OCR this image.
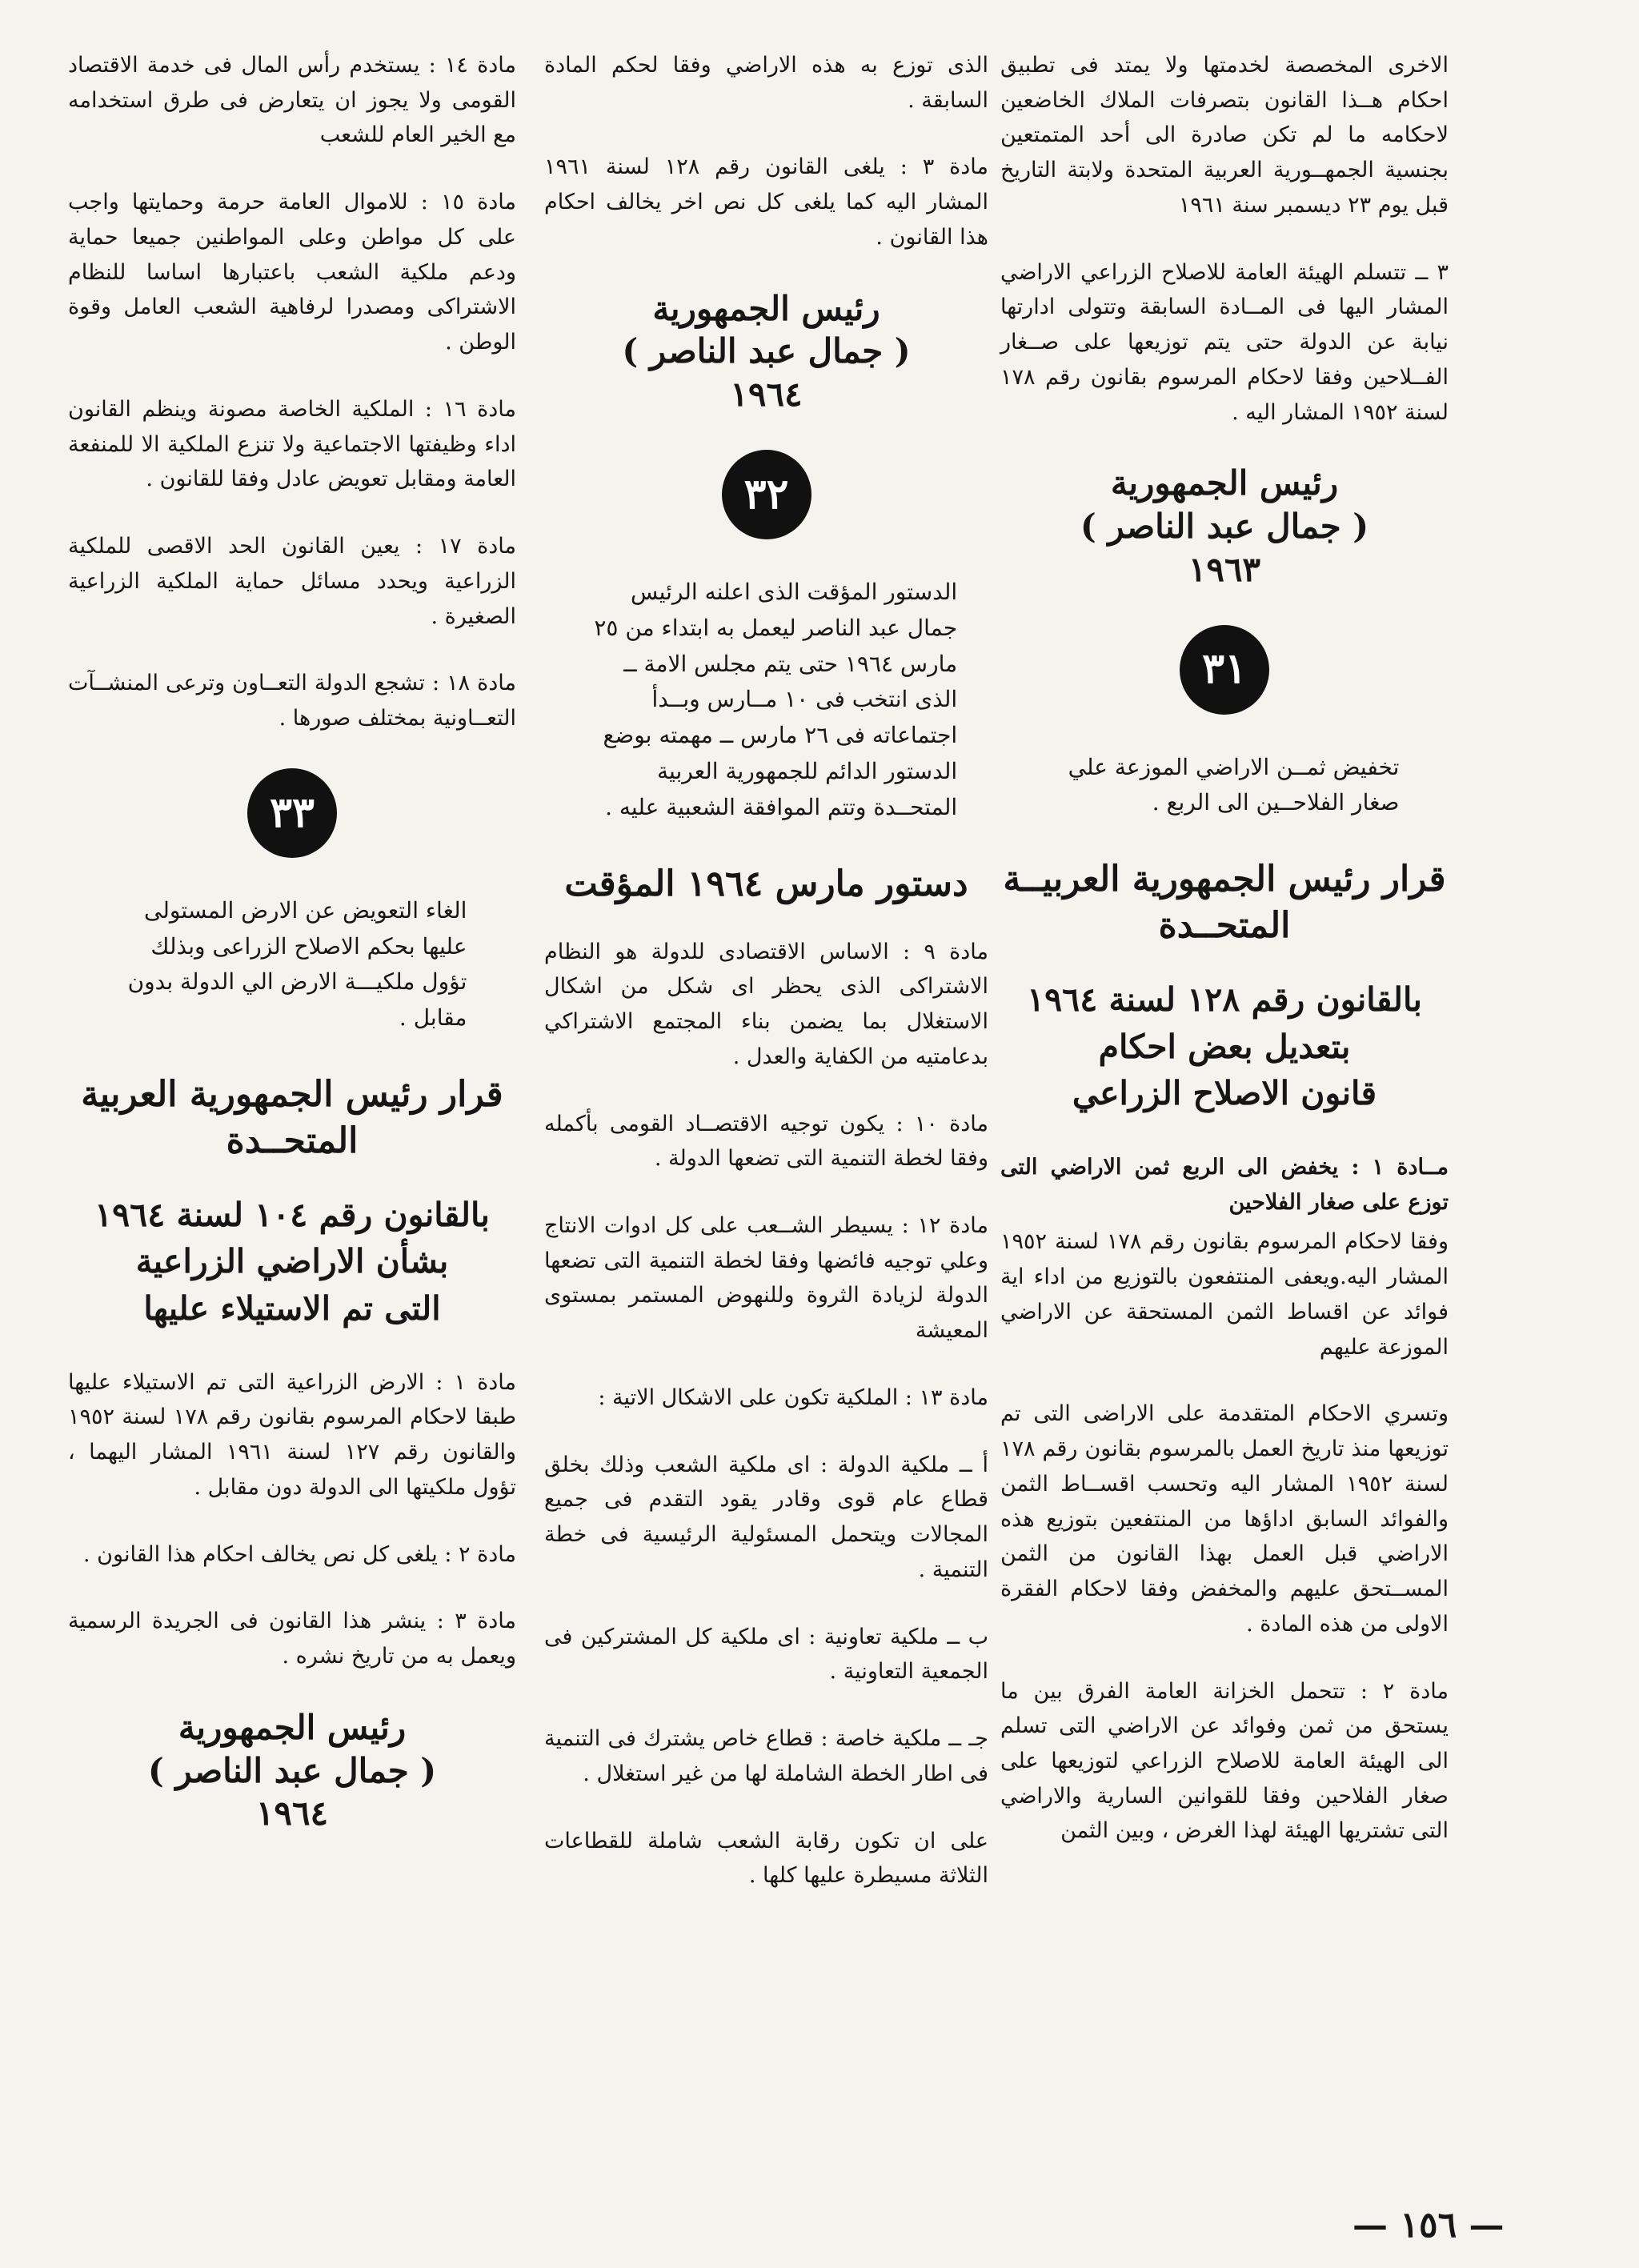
الاخرى المخصصة لخدمتها ولا يمتد فى تطبيق احكام هــذا القانون بتصرفات الملاك الخاضعين لاحكامه ما لم تكن صادرة الى أحد المتمتعين بجنسية الجمهــورية العربية المتحدة ولابتة التاريخ قبل يوم ٢٣ ديسمبر سنة ١٩٦١

٣ ــ تتسلم الهيئة العامة للاصلاح الزراعي الاراضي المشار اليها فى المــادة السابقة وتتولى ادارتها نيابة عن الدولة حتى يتم توزيعها على صــغار الفــلاحين وفقا لاحكام المرسوم بقانون رقم ١٧٨ لسنة ١٩٥٢ المشار اليه .

رئيس الجمهورية
( جمال عبد الناصر )
١٩٦٣
٣١

تخفيض ثمــن الاراضي الموزعة علي صغار الفلاحــين الى الربع .

قرار رئيس الجمهورية العربيــة المتحــدة
بالقانون رقم ١٢٨ لسنة ١٩٦٤
بتعديل بعض احكام
قانون الاصلاح الزراعي

مــادة ١ : يخفض الى الربع ثمن الاراضي التى توزع على صغار الفلاحين

وفقا لاحكام المرسوم بقانون رقم ١٧٨ لسنة ١٩٥٢ المشار اليه.ويعفى المنتفعون بالتوزيع من اداء اية فوائد عن اقساط الثمن المستحقة عن الاراضي الموزعة عليهم

وتسري الاحكام المتقدمة على الاراضى التى تم توزيعها منذ تاريخ العمل بالمرسوم بقانون رقم ١٧٨ لسنة ١٩٥٢ المشار اليه وتحسب اقســاط الثمن والفوائد السابق اداؤها من المنتفعين بتوزيع هذه الاراضي قبل العمل بهذا القانون من الثمن المســتحق عليهم والمخفض وفقا لاحكام الفقرة الاولى من هذه المادة .

مادة ٢ : تتحمل الخزانة العامة الفرق بين ما يستحق من ثمن وفوائد عن الاراضي التى تسلم الى الهيئة العامة للاصلاح الزراعي لتوزيعها على صغار الفلاحين وفقا للقوانين السارية والاراضي التى تشتريها الهيئة لهذا الغرض ، وبين الثمن

الذى توزع به هذه الاراضي وفقا لحكم المادة السابقة .

مادة ٣ : يلغى القانون رقم ١٢٨ لسنة ١٩٦١ المشار اليه كما يلغى كل نص اخر يخالف احكام هذا القانون .

رئيس الجمهورية
( جمال عبد الناصر )
١٩٦٤
٣٢

الدستور المؤقت الذى اعلنه الرئيس جمال عبد الناصر ليعمل به ابتداء من ٢٥ مارس ١٩٦٤ حتى يتم مجلس الامة ــ الذى انتخب فى ١٠ مــارس وبــدأ اجتماعاته فى ٢٦ مارس ــ مهمته بوضع الدستور الدائم للجمهورية العربية المتحــدة وتتم الموافقة الشعبية عليه .

دستور مارس ١٩٦٤ المؤقت

مادة ٩ : الاساس الاقتصادى للدولة هو النظام الاشتراكى الذى يحظر اى شكل من اشكال الاستغلال بما يضمن بناء المجتمع الاشتراكي بدعامتيه من الكفاية والعدل .

مادة ١٠ : يكون توجيه الاقتصــاد القومى بأكمله وفقا لخطة التنمية التى تضعها الدولة .

مادة ١٢ : يسيطر الشــعب على كل ادوات الانتاج وعلي توجيه فائضها وفقا لخطة التنمية التى تضعها الدولة لزيادة الثروة وللنهوض المستمر بمستوى المعيشة

مادة ١٣ : الملكية تكون على الاشكال الاتية :

أ ــ ملكية الدولة : اى ملكية الشعب وذلك بخلق قطاع عام قوى وقادر يقود التقدم فى جميع المجالات ويتحمل المسئولية الرئيسية فى خطة التنمية .

ب ــ ملكية تعاونية : اى ملكية كل المشتركين فى الجمعية التعاونية .

جـ ــ ملكية خاصة : قطاع خاص يشترك فى التنمية فى اطار الخطة الشاملة لها من غير استغلال .

على ان تكون رقابة الشعب شاملة للقطاعات الثلاثة مسيطرة عليها كلها .

مادة ١٤ : يستخدم رأس المال فى خدمة الاقتصاد القومى ولا يجوز ان يتعارض فى طرق استخدامه مع الخير العام للشعب

مادة ١٥ : للاموال العامة حرمة وحمايتها واجب على كل مواطن وعلى المواطنين جميعا حماية ودعم ملكية الشعب باعتبارها اساسا للنظام الاشتراكى ومصدرا لرفاهية الشعب العامل وقوة الوطن .

مادة ١٦ : الملكية الخاصة مصونة وينظم القانون اداء وظيفتها الاجتماعية ولا تنزع الملكية الا للمنفعة العامة ومقابل تعويض عادل وفقا للقانون .

مادة ١٧ : يعين القانون الحد الاقصى للملكية الزراعية ويحدد مسائل حماية الملكية الزراعية الصغيرة .

مادة ١٨ : تشجع الدولة التعــاون وترعى المنشــآت التعــاونية بمختلف صورها .

٣٣

الغاء التعويض عن الارض المستولى عليها بحكم الاصلاح الزراعى وبذلك تؤول ملكيـــة الارض الي الدولة بدون مقابل .

قرار رئيس الجمهورية العربية المتحــدة
بالقانون رقم ١٠٤ لسنة ١٩٦٤
بشأن الاراضي الزراعية
التى تم الاستيلاء عليها

مادة ١ : الارض الزراعية التى تم الاستيلاء عليها طبقا لاحكام المرسوم بقانون رقم ١٧٨ لسنة ١٩٥٢ والقانون رقم ١٢٧ لسنة ١٩٦١ المشار اليهما ، تؤول ملكيتها الى الدولة دون مقابل .

مادة ٢ : يلغى كل نص يخالف احكام هذا القانون .

مادة ٣ : ينشر هذا القانون فى الجريدة الرسمية ويعمل به من تاريخ نشره .

رئيس الجمهورية
( جمال عبد الناصر )
١٩٦٤
— ١٥٦ —
